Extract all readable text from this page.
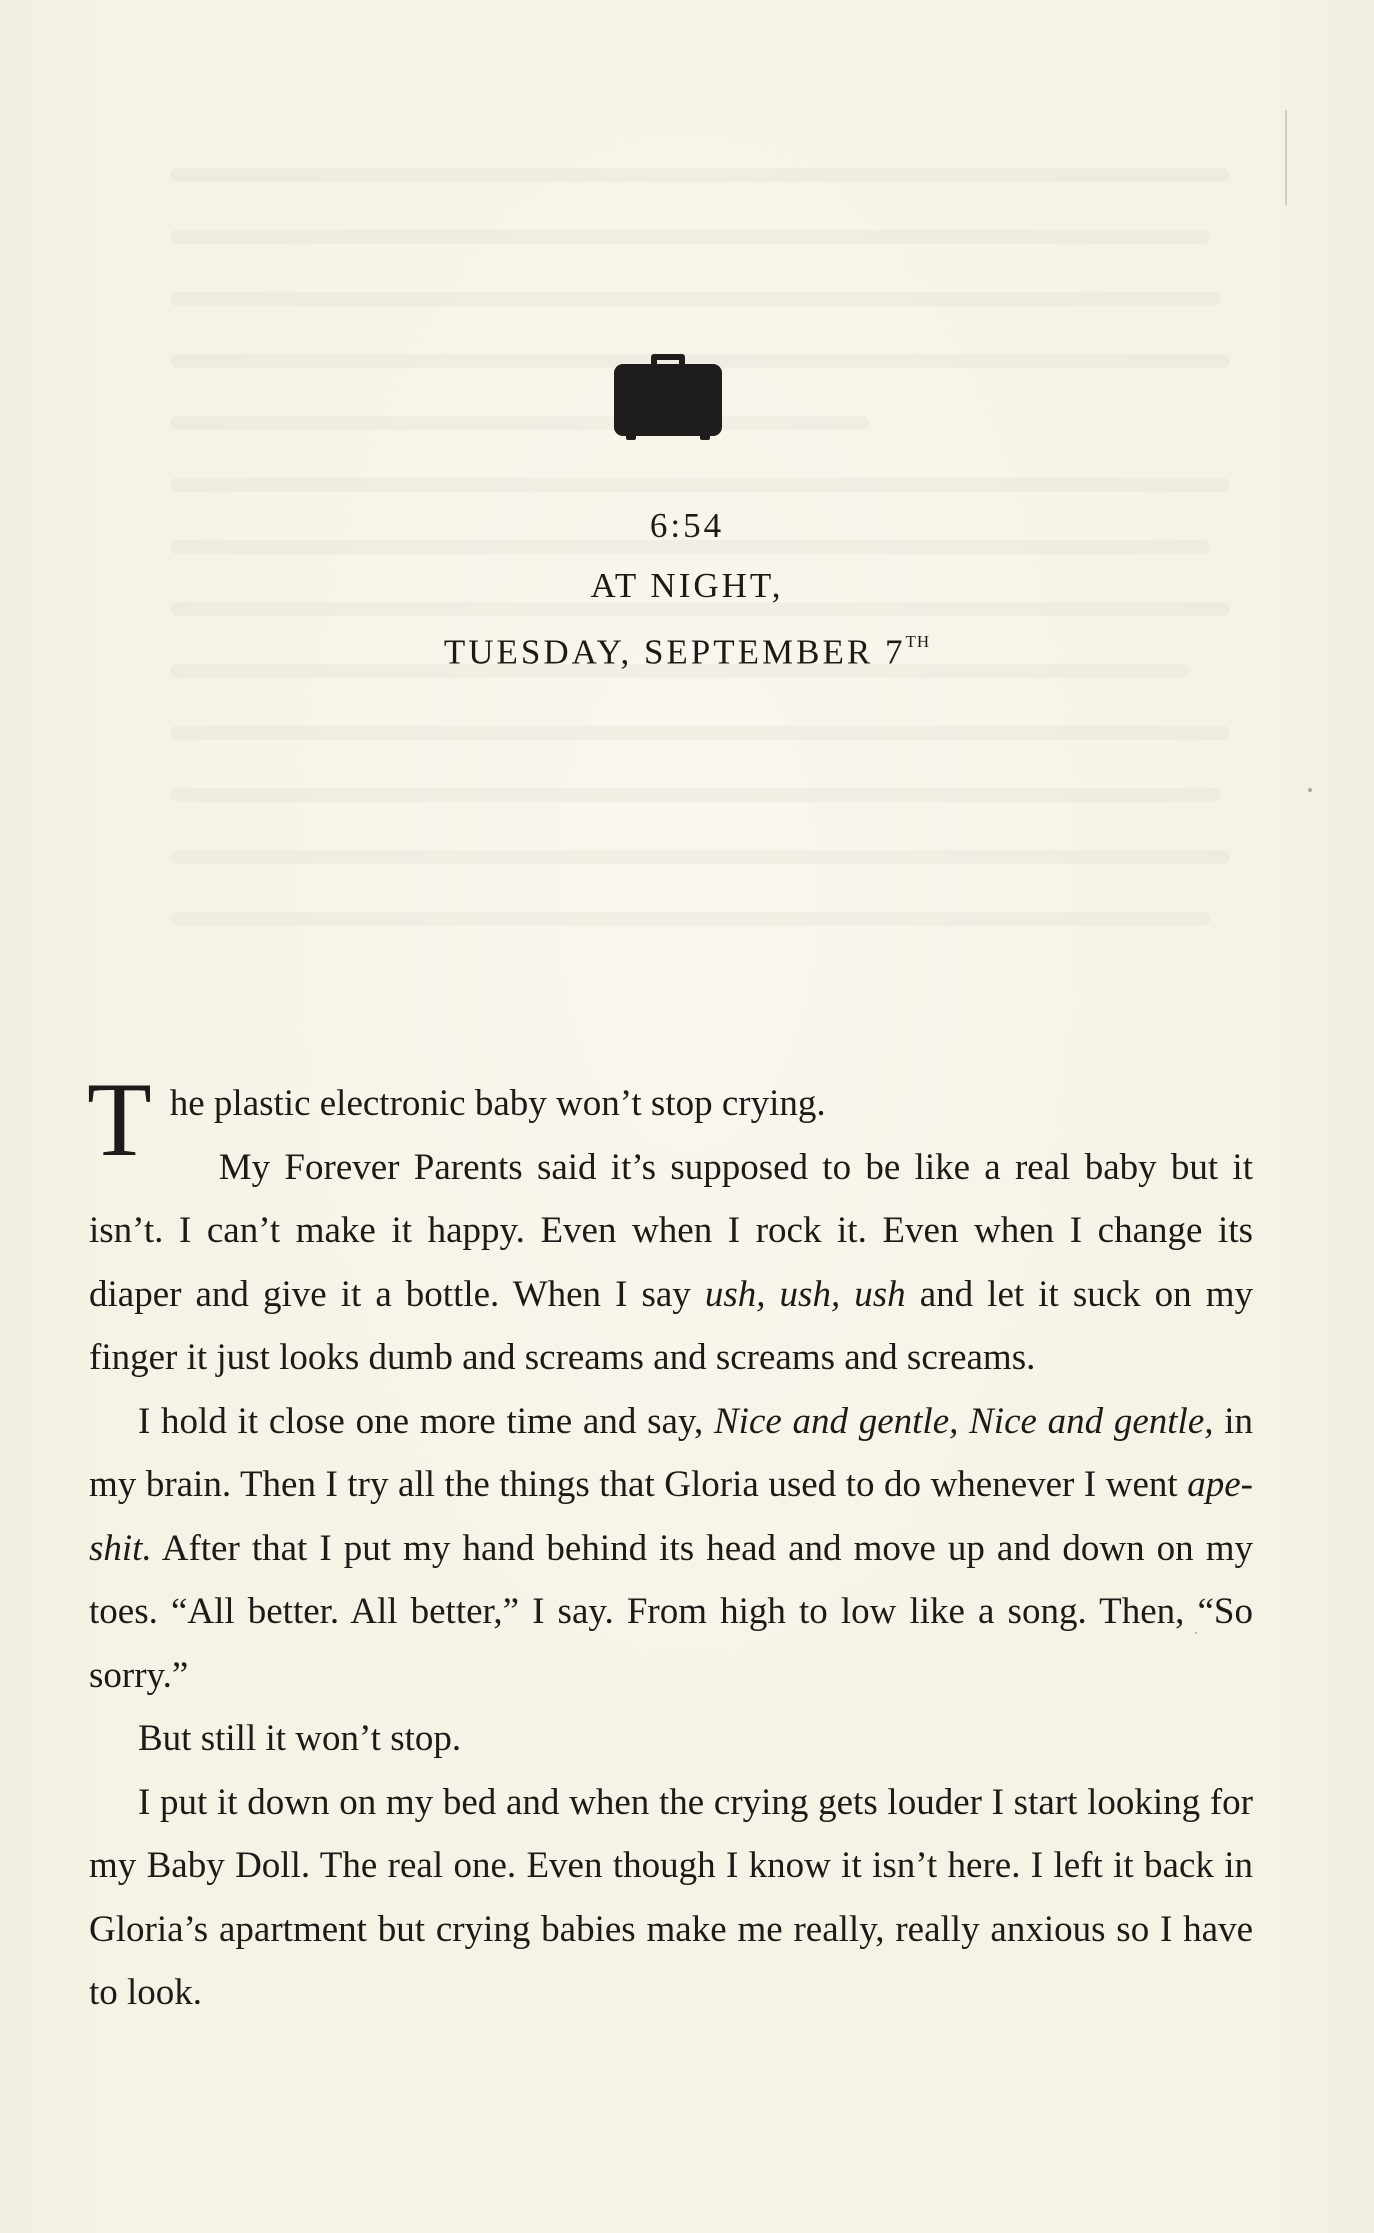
6:54
AT NIGHT,
TUESDAY, SEPTEMBER 7TH

The plastic electronic baby won’t stop crying.

My Forever Parents said it’s supposed to be like a real baby but it isn’t. I can’t make it happy. Even when I rock it. Even when I change its diaper and give it a bottle. When I say ush, ush, ush and let it suck on my finger it just looks dumb and screams and screams and screams.

I hold it close one more time and say, Nice and gentle, Nice and gentle, in my brain. Then I try all the things that Gloria used to do whenever I went ape-shit. After that I put my hand behind its head and move up and down on my toes. “All better. All better,” I say. From high to low like a song. Then, “So sorry.”

But still it won’t stop.

I put it down on my bed and when the crying gets louder I start looking for my Baby Doll. The real one. Even though I know it isn’t here. I left it back in Gloria’s apartment but crying babies make me really, really anxious so I have to look.
